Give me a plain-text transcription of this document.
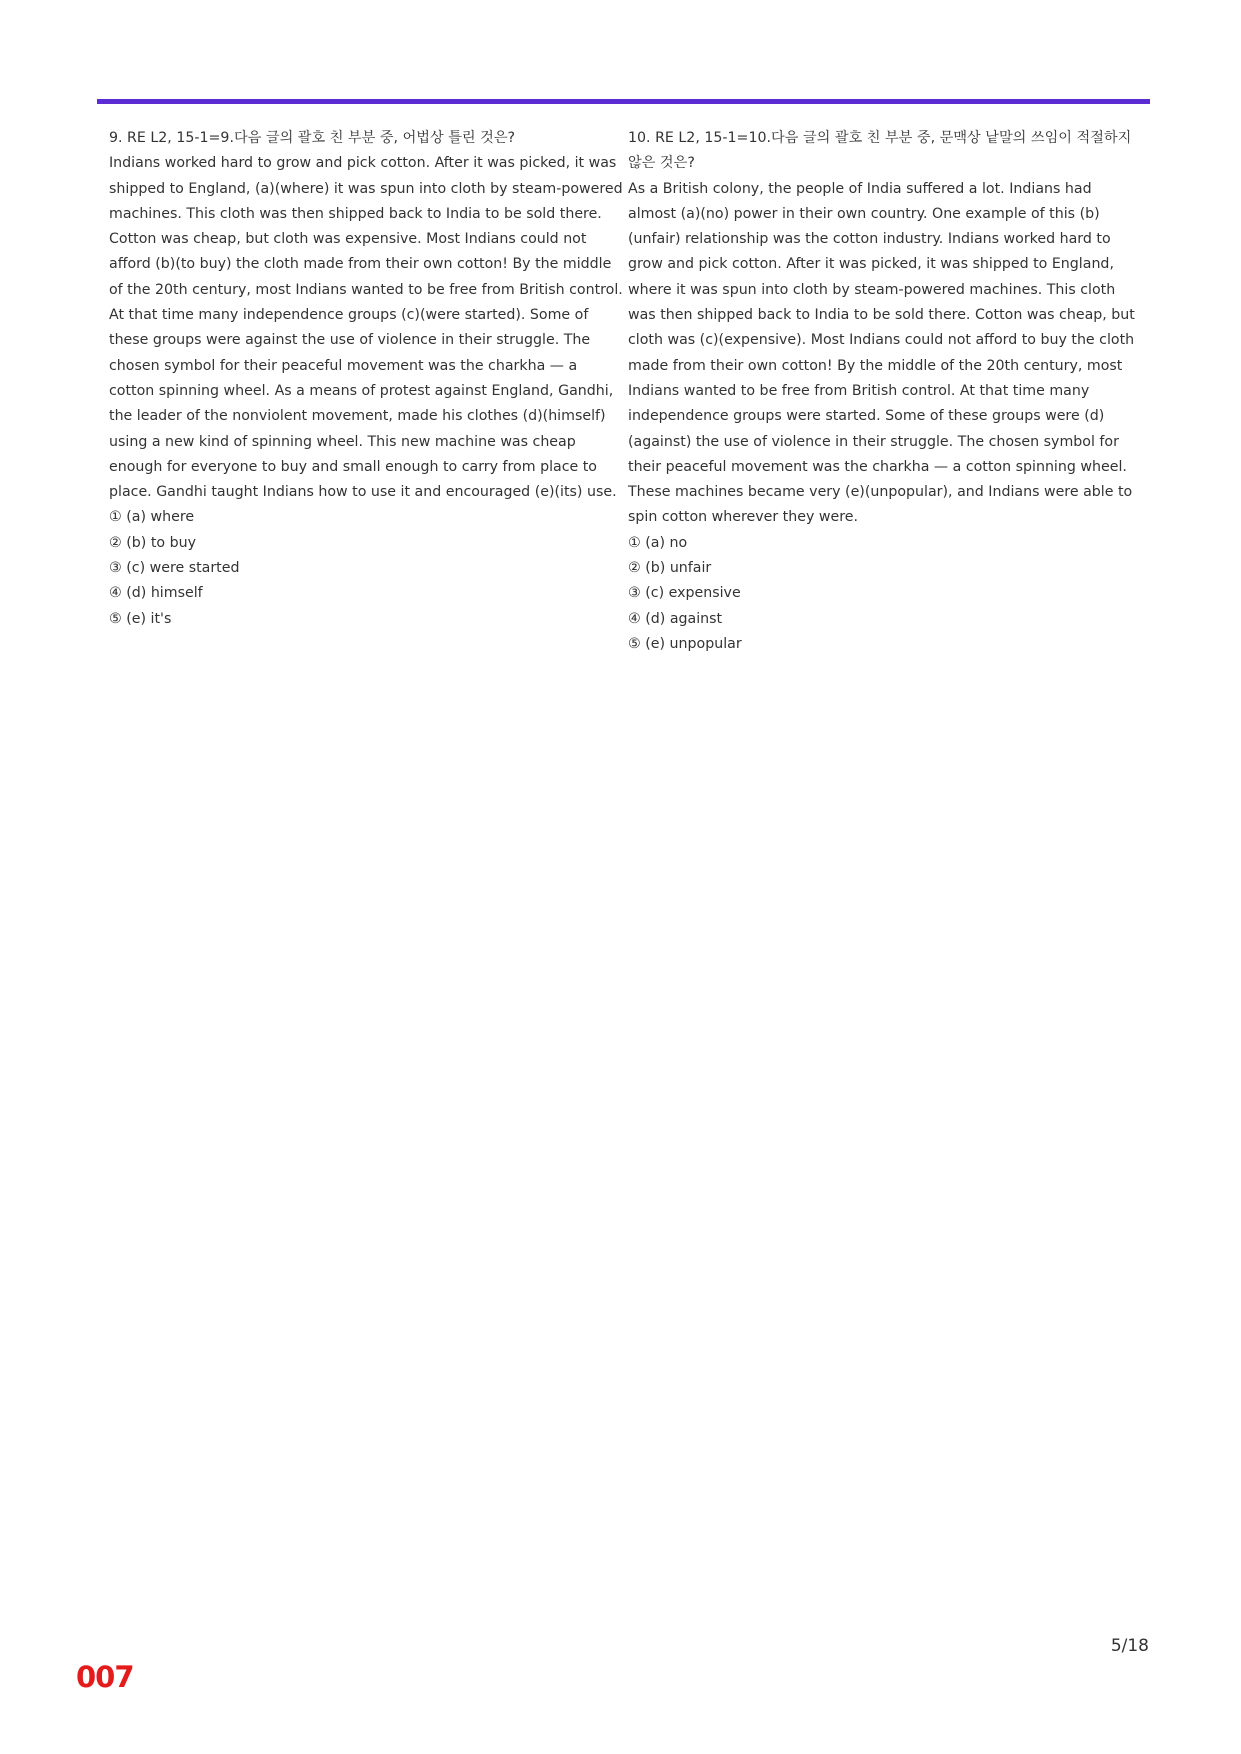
9. RE L2, 15-1=9.다음 글의 괄호 친 부분 중, 어법상 틀린 것은?

Indians worked hard to grow and pick cotton. After it was picked, it was shipped to England, (a)(where) it was spun into cloth by steam-powered machines. This cloth was then shipped back to India to be sold there. Cotton was cheap, but cloth was expensive. Most Indians could not afford (b)(to buy) the cloth made from their own cotton! By the middle of the 20th century, most Indians wanted to be free from British control. At that time many independence groups (c)(were started). Some of these groups were against the use of violence in their struggle. The chosen symbol for their peaceful movement was the charkha — a cotton spinning wheel. As a means of protest against England, Gandhi, the leader of the nonviolent movement, made his clothes (d)(himself) using a new kind of spinning wheel. This new machine was cheap enough for everyone to buy and small enough to carry from place to place. Gandhi taught Indians how to use it and encouraged (e)(its) use.

① (a) where
② (b) to buy
③ (c) were started
④ (d) himself
⑤ (e) it's

10. RE L2, 15-1=10.다음 글의 괄호 친 부분 중, 문맥상 낱말의 쓰임이 적절하지 않은 것은?

As a British colony, the people of India suffered a lot. Indians had almost (a)(no) power in their own country. One example of this (b)(unfair) relationship was the cotton industry. Indians worked hard to grow and pick cotton. After it was picked, it was shipped to England, where it was spun into cloth by steam-powered machines. This cloth was then shipped back to India to be sold there. Cotton was cheap, but cloth was (c)(expensive). Most Indians could not afford to buy the cloth made from their own cotton! By the middle of the 20th century, most Indians wanted to be free from British control. At that time many independence groups were started. Some of these groups were (d)(against) the use of violence in their struggle. The chosen symbol for their peaceful movement was the charkha — a cotton spinning wheel. These machines became very (e)(unpopular), and Indians were able to spin cotton wherever they were.

① (a) no
② (b) unfair
③ (c) expensive
④ (d) against
⑤ (e) unpopular
5/18
007
